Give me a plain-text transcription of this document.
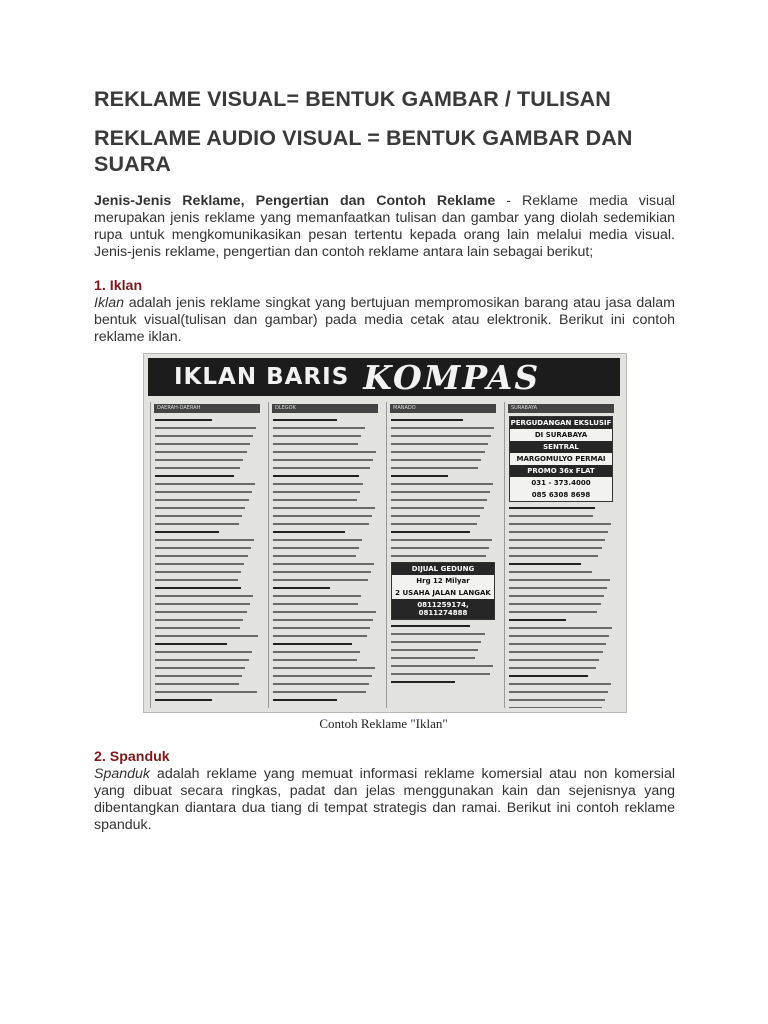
REKLAME VISUAL= BENTUK GAMBAR / TULISAN
REKLAME AUDIO VISUAL = BENTUK GAMBAR DAN SUARA

Jenis-Jenis Reklame, Pengertian dan Contoh Reklame - Reklame media visual merupakan jenis reklame yang memanfaatkan tulisan dan gambar yang diolah sedemikian rupa untuk mengkomunikasikan pesan tertentu kepada orang lain melalui media visual. Jenis-jenis reklame, pengertian dan contoh reklame antara lain sebagai berikut;

1. Iklan

Iklan adalah jenis reklame singkat yang bertujuan mempromosikan barang atau jasa dalam bentuk visual(tulisan dan gambar) pada media cetak atau elektronik. Berikut ini contoh reklame iklan.

IKLAN BARIS KOMPAS
DAERAH-DAERAH	DLEGOK	MANADO
DIJUAL GEDUNG
Hrg 12 Milyar
2 USAHA JALAN LANGAK
0811259174, 0811274888
SURABAYA
PERGUDANGAN EKSLUSIF
DI SURABAYA
SENTRAL
MARGOMULYO PERMAI
PROMO 36x FLAT
031 - 373.4000
085 6308 8698
Contoh Reklame "Iklan"
2. Spanduk

Spanduk adalah reklame yang memuat informasi reklame komersial atau non komersial yang dibuat secara ringkas, padat dan jelas menggunakan kain dan sejenisnya yang dibentangkan diantara dua tiang di tempat strategis dan ramai. Berikut ini contoh reklame spanduk.
